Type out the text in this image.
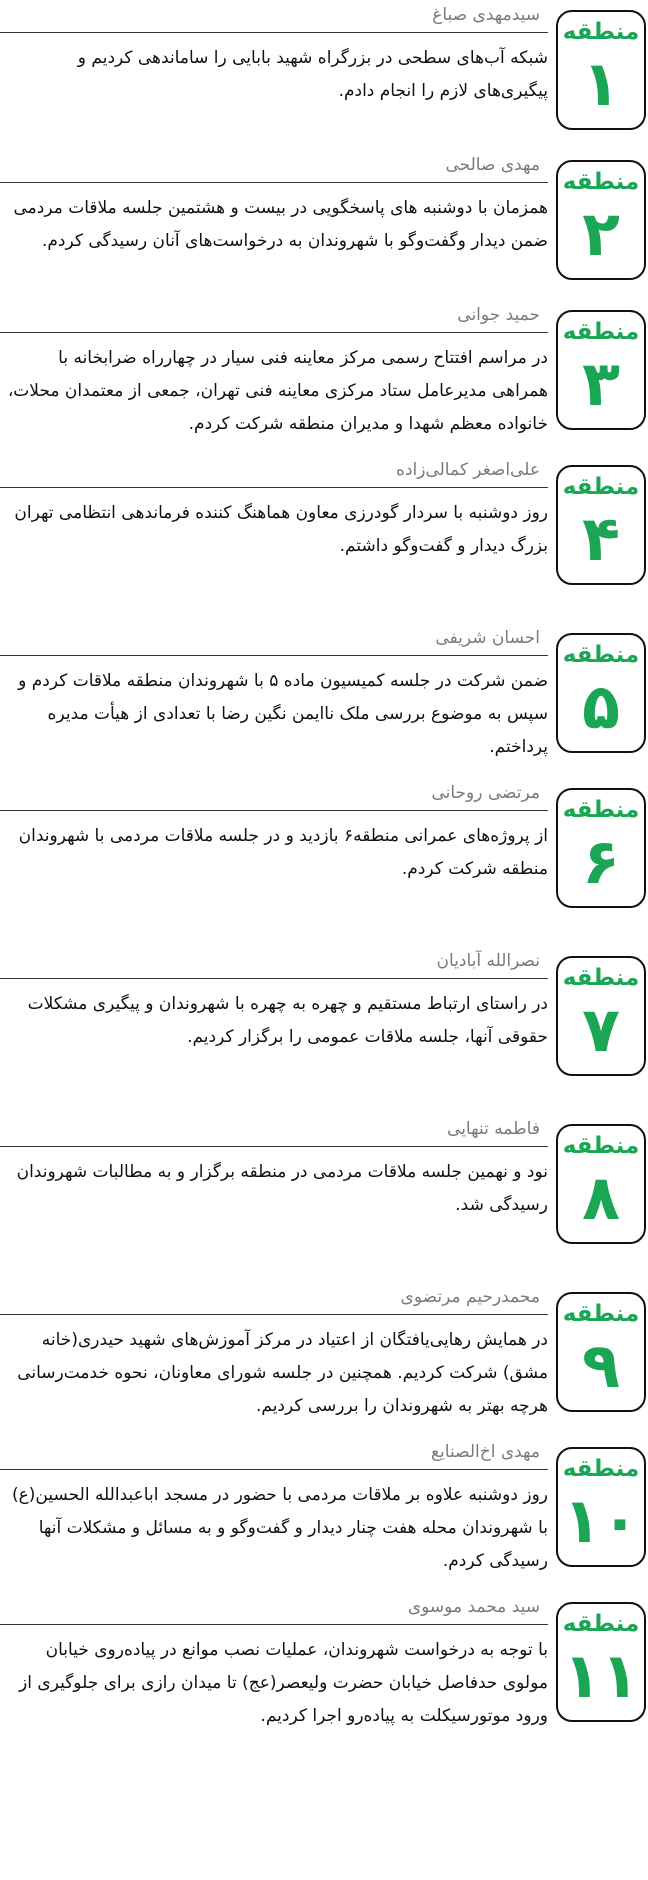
منطقه
۱
سیدمهدی صباغ
شبکه آب‌های سطحی در بزرگراه شهید بابایی را ساماندهی کردیم و پیگیری‌های لازم را انجام دادم.
منطقه
۲
مهدی صالحی
همزمان با دوشنبه های پاسخگویی در بیست و هشتمین جلسه ملاقات مردمی ضمن دیدار وگفت‌وگو با شهروندان به درخواست‌های آنان رسیدگی کردم.
منطقه
۳
حمید جوانی
در مراسم افتتاح رسمی مرکز معاینه فنی سیار در چهارراه ضرابخانه با همراهی مدیرعامل ستاد مرکزی معاینه فنی تهران، جمعی از معتمدان محلات، خانواده معظم شهدا و مدیران منطقه شرکت کردم.
منطقه
۴
علی‌اصغر کمالی‌زاده
روز دوشنبه با سردار گودرزی معاون هماهنگ کننده فرماندهی انتظامی تهران بزرگ دیدار و گفت‌وگو داشتم.
منطقه
۵
احسان شریفی
ضمن شرکت در جلسه کمیسیون ماده ۵ با شهروندان منطقه ملاقات کردم و سپس به موضوع بررسی ملک ناایمن نگین رضا با تعدادی از هیأت مدیره پرداختم.
منطقه
۶
مرتضی روحانی
از پروژه‌های عمرانی منطقه۶ بازدید و در جلسه ملاقات مردمی با شهروندان منطقه شرکت کردم.
منطقه
۷
نصرالله آبادیان
در راستای ارتباط مستقیم و چهره به چهره با شهروندان و پیگیری مشکلات حقوقی آنها، جلسه ملاقات عمومی را برگزار کردیم.
منطقه
۸
فاطمه تنهایی
نود و نهمین جلسه ملاقات مردمی در منطقه برگزار و به مطالبات شهروندان رسیدگی شد.
منطقه
۹
محمدرحیم مرتضوی
در همایش رهایی‌یافتگان از اعتیاد در مرکز آموزش‌های شهید حیدری(خانه مشق) شرکت کردیم. همچنین در جلسه شورای معاونان، نحوه خدمت‌رسانی هرچه بهتر به شهروندان را بررسی کردیم.
منطقه
۱۰
مهدی اخ‌الصنایع
روز دوشنبه علاوه بر ملاقات مردمی با حضور در مسجد اباعبدالله الحسین(ع) با شهروندان محله هفت چنار دیدار و گفت‌وگو و به مسائل و مشکلات آنها رسیدگی کردم.
منطقه
۱۱
سید محمد موسوی
با توجه به درخواست شهروندان، عملیات نصب موانع در پیاده‌روی خیابان مولوی حدفاصل خیابان حضرت ولیعصر(عج) تا میدان رازی برای جلوگیری از ورود موتورسیکلت به پیاده‌رو اجرا کردیم.
